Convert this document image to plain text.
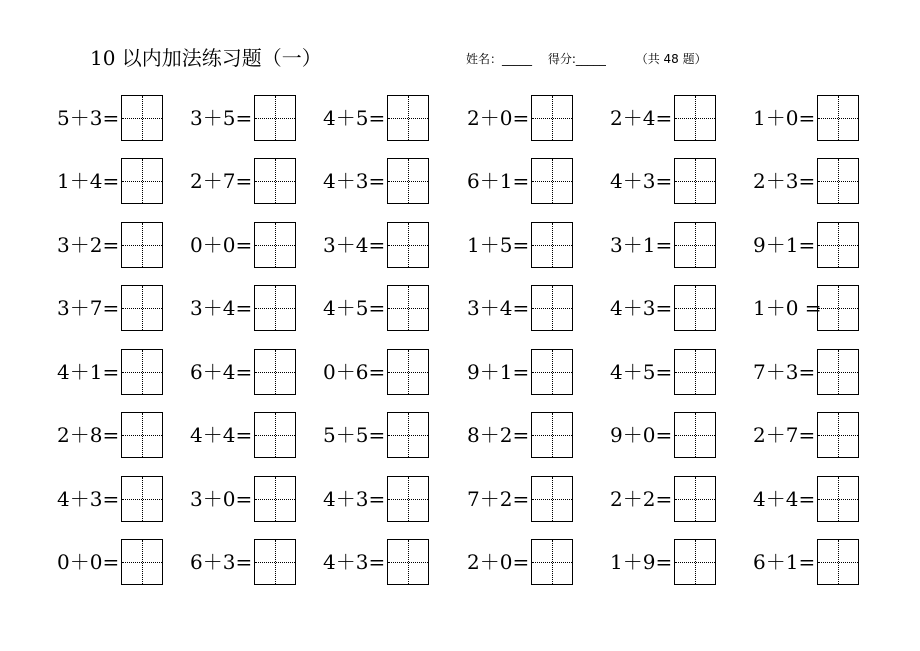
10 以内加法练习题（一）	姓名：_____ 得分:_____ （共 48 题）
5＋3=	3＋5=	4＋5=	2＋0=	2＋4=	1＋0=
1＋4=	2＋7=	4＋3=	6＋1=	4＋3=	2＋3=
3＋2=	0＋0=	3＋4=	1＋5=	3＋1=	9＋1=
3＋7=	3＋4=	4＋5=	3＋4=	4＋3=	1＋0 =
4＋1=	6＋4=	0＋6=	9＋1=	4＋5=	7＋3=
2＋8=	4＋4=	5＋5=	8＋2=	9＋0=	2＋7=
4＋3=	3＋0=	4＋3=	7＋2=	2＋2=	4＋4=
0＋0=	6＋3=	4＋3=	2＋0=	1＋9=	6＋1=
